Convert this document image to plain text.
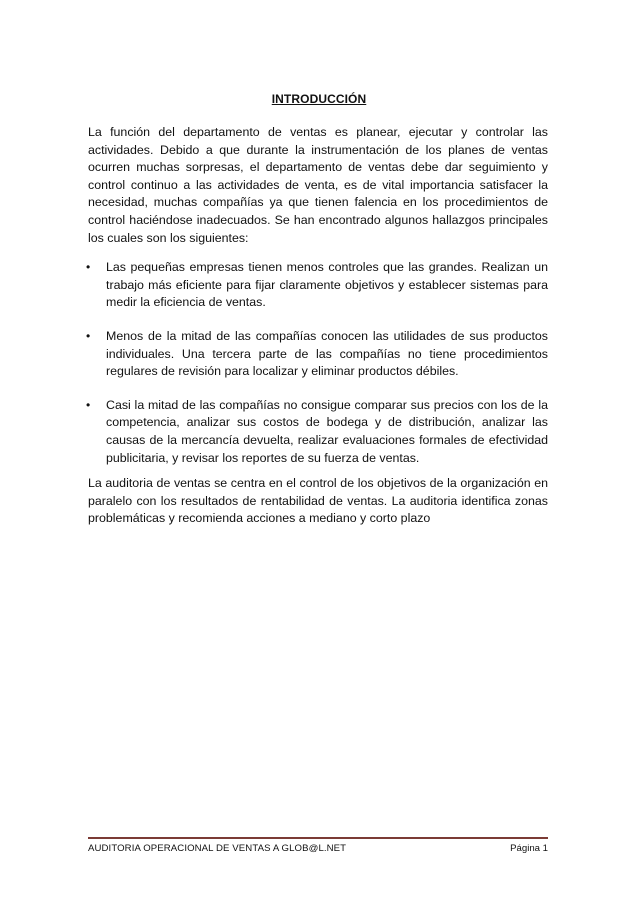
INTRODUCCIÓN

La función del departamento de ventas es planear, ejecutar y controlar las actividades. Debido a que durante la instrumentación de los planes de ventas ocurren muchas sorpresas, el departamento de ventas debe dar seguimiento y control continuo a las actividades de venta, es de vital importancia satisfacer la necesidad, muchas compañías ya que tienen falencia en los procedimientos de control haciéndose inadecuados. Se han encontrado algunos hallazgos principales los cuales son los siguientes:

• Las pequeñas empresas tienen menos controles que las grandes. Realizan un trabajo más eficiente para fijar claramente objetivos y establecer sistemas para medir la eficiencia de ventas.
• Menos de la mitad de las compañías conocen las utilidades de sus productos individuales. Una tercera parte de las compañías no tiene procedimientos regulares de revisión para localizar y eliminar productos débiles.
• Casi la mitad de las compañías no consigue comparar sus precios con los de la competencia, analizar sus costos de bodega y de distribución, analizar las causas de la mercancía devuelta, realizar evaluaciones formales de efectividad publicitaria, y revisar los reportes de su fuerza de ventas.

La auditoria de ventas se centra en el control de los objetivos de la organización en paralelo con los resultados de rentabilidad de ventas. La auditoria identifica zonas problemáticas y recomienda acciones a mediano y corto plazo

AUDITORIA OPERACIONAL DE VENTAS A GLOB@L.NET	Página 1
